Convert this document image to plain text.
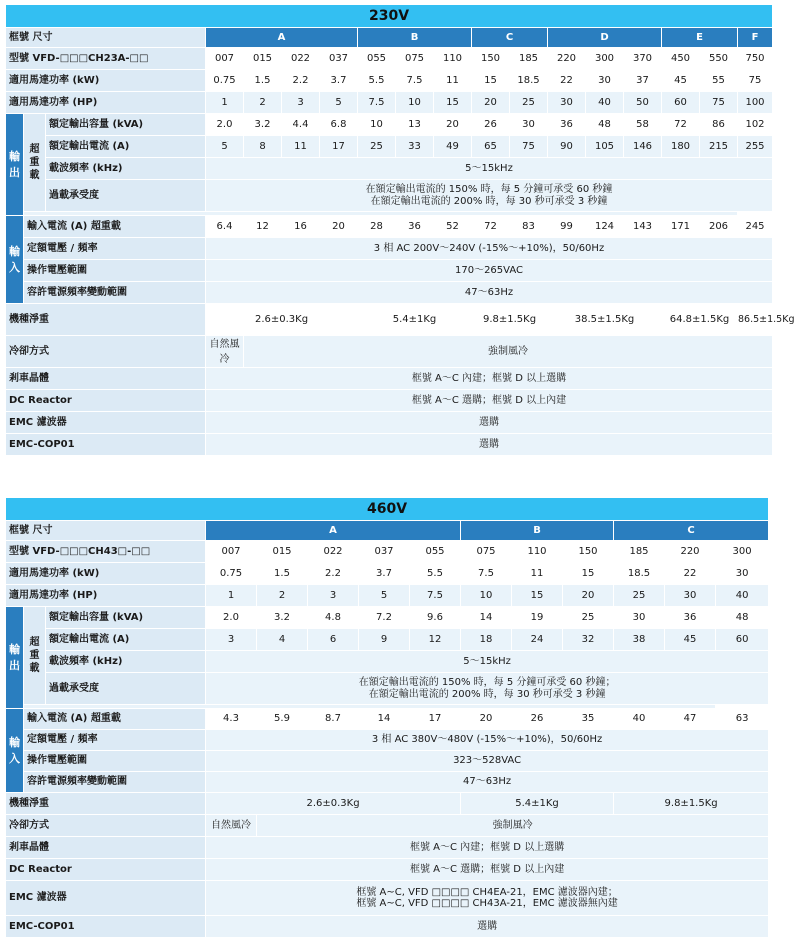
230V																	
框號 尺寸			A				B			C		D			E		F
型號 VFD-□□□CH23A-□□			007	015	022	037	055	075	110	150	185	220	300	370	450	550	750
適用馬達功率 (kW)			0.75	1.5	2.2	3.7	5.5	7.5	11	15	18.5	22	30	37	45	55	75
適用馬達功率 (HP)			1	2	3	5	7.5	10	15	20	25	30	40	50	60	75	100
輸
出	超
重
載	額定輸出容量 (kVA)	2.0	3.2	4.4	6.8	10	13	20	26	30	36	48	58	72	86	102
		額定輸出電流 (A)	5	8	11	17	25	33	49	65	75	90	105	146	180	215	255
		載波頻率 (kHz)	5～15kHz														
		過載承受度	在額定輸出電流的 150% 時，每 5 分鐘可承受 60 秒鐘
在額定輸出電流的 200% 時，每 30 秒可承受 3 秒鐘														

輸
入	輸入電流 (A) 超重載		6.4	12	16	20	28	36	52	72	83	99	124	143	171	206	245
	定額電壓 / 頻率		3 相 AC 200V～240V (-15%～+10%)，50/60Hz														
	操作電壓範圍		170～265VAC														
	容許電源頻率變動範圍		47～63Hz														
機種淨重			2.6±0.3Kg				5.4±1Kg			9.8±1.5Kg		38.5±1.5Kg			64.8±1.5Kg		86.5±1.5Kg
冷卻方式			自然風冷	強制風冷													
剎車晶體			框號 A～C 內建；框號 D 以上選購														
DC Reactor			框號 A～C 選購；框號 D 以上內建														
EMC 濾波器			選購														
EMC-COP01			選購														
460V													
框號 尺寸			A					B			C		
型號 VFD-□□□CH43□-□□			007	015	022	037	055	075	110	150	185	220	300
適用馬達功率 (kW)			0.75	1.5	2.2	3.7	5.5	7.5	11	15	18.5	22	30
適用馬達功率 (HP)			1	2	3	5	7.5	10	15	20	25	30	40
輸
出	超
重
載	額定輸出容量 (kVA)	2.0	3.2	4.8	7.2	9.6	14	19	25	30	36	48
		額定輸出電流 (A)	3	4	6	9	12	18	24	32	38	45	60
		載波頻率 (kHz)	5～15kHz										
		過載承受度	在額定輸出電流的 150% 時，每 5 分鐘可承受 60 秒鐘；
在額定輸出電流的 200% 時，每 30 秒可承受 3 秒鐘										

輸
入	輸入電流 (A) 超重載		4.3	5.9	8.7	14	17	20	26	35	40	47	63
	定額電壓 / 頻率		3 相 AC 380V～480V (-15%～+10%)，50/60Hz										
	操作電壓範圍		323～528VAC										
	容許電源頻率變動範圍		47～63Hz										
機種淨重			2.6±0.3Kg					5.4±1Kg			9.8±1.5Kg		
冷卻方式			自然風冷	強制風冷									
剎車晶體			框號 A～C 內建；框號 D 以上選購										
DC Reactor			框號 A～C 選購；框號 D 以上內建										
EMC 濾波器			框號 A~C, VFD □□□□ CH4EA-21，EMC 濾波器內建；
框號 A~C, VFD □□□□ CH43A-21，EMC 濾波器無內建										

EMC-COP01			選購										
